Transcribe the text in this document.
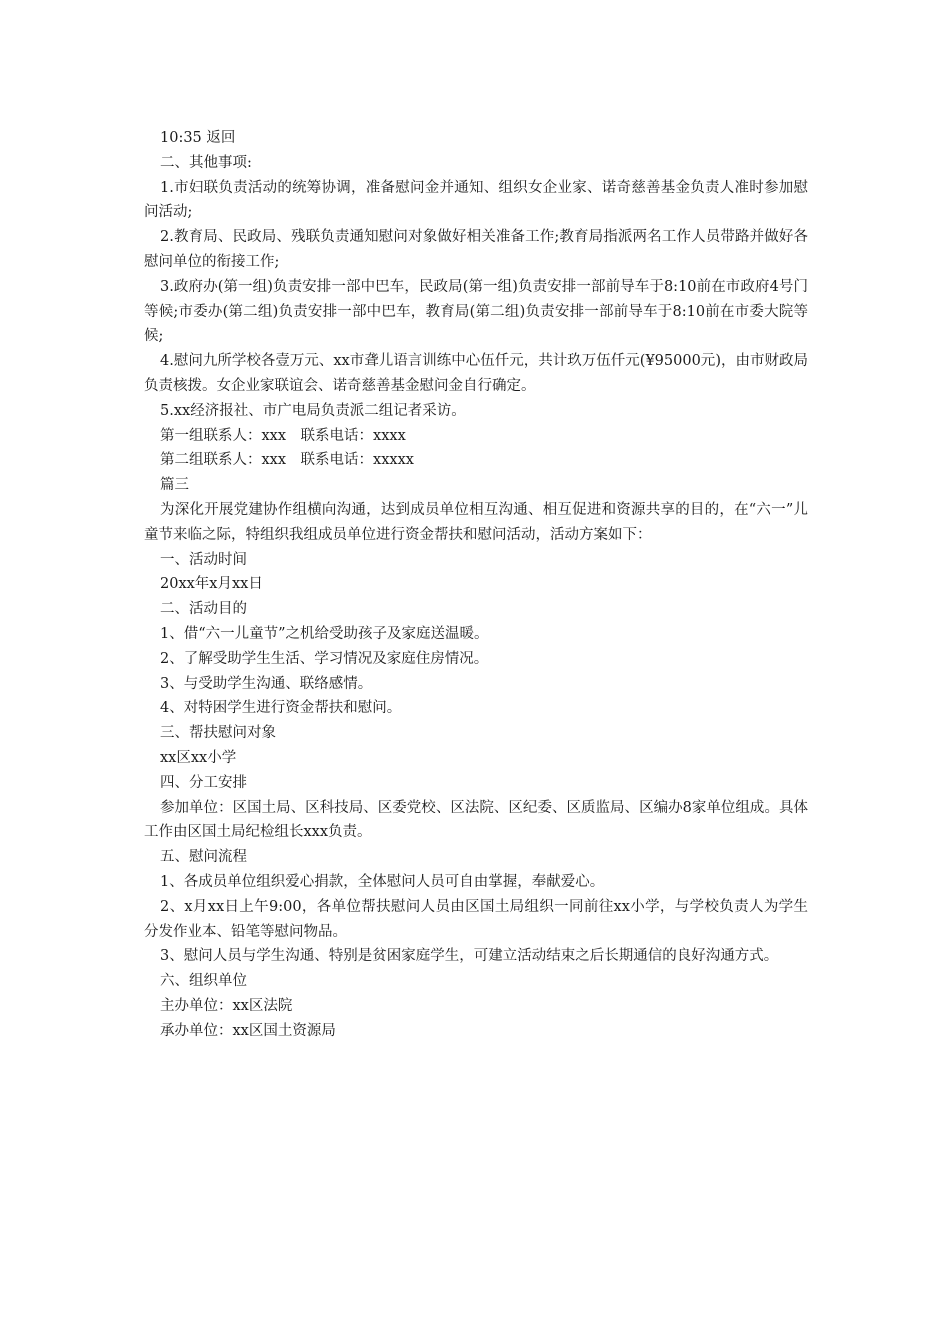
10:35 返回

二、其他事项:

1.市妇联负责活动的统筹协调，准备慰问金并通知、组织女企业家、诺奇慈善基金负责人准时参加慰问活动;

2.教育局、民政局、残联负责通知慰问对象做好相关准备工作;教育局指派两名工作人员带路并做好各慰问单位的衔接工作;

3.政府办(第一组)负责安排一部中巴车，民政局(第一组)负责安排一部前导车于8:10前在市政府4号门等候;市委办(第二组)负责安排一部中巴车，教育局(第二组)负责安排一部前导车于8:10前在市委大院等候;

4.慰问九所学校各壹万元、xx市聋儿语言训练中心伍仟元，共计玖万伍仟元(¥95000元)，由市财政局负责核拨。女企业家联谊会、诺奇慈善基金慰问金自行确定。

5.xx经济报社、市广电局负责派二组记者采访。

第一组联系人：xxx　联系电话：xxxx

第二组联系人：xxx　联系电话：xxxxx

篇三

为深化开展党建协作组横向沟通，达到成员单位相互沟通、相互促进和资源共享的目的，在“六一”儿童节来临之际，特组织我组成员单位进行资金帮扶和慰问活动，活动方案如下：

一、活动时间

20xx年x月xx日

二、活动目的

1、借“六一儿童节”之机给受助孩子及家庭送温暖。

2、了解受助学生生活、学习情况及家庭住房情况。

3、与受助学生沟通、联络感情。

4、对特困学生进行资金帮扶和慰问。

三、帮扶慰问对象

xx区xx小学

四、分工安排

参加单位：区国土局、区科技局、区委党校、区法院、区纪委、区质监局、区编办8家单位组成。具体工作由区国土局纪检组长xxx负责。

五、慰问流程

1、各成员单位组织爱心捐款，全体慰问人员可自由掌握，奉献爱心。

2、x月xx日上午9:00，各单位帮扶慰问人员由区国土局组织一同前往xx小学，与学校负责人为学生分发作业本、铅笔等慰问物品。

3、慰问人员与学生沟通、特别是贫困家庭学生，可建立活动结束之后长期通信的良好沟通方式。

六、组织单位

主办单位：xx区法院

承办单位：xx区国土资源局
